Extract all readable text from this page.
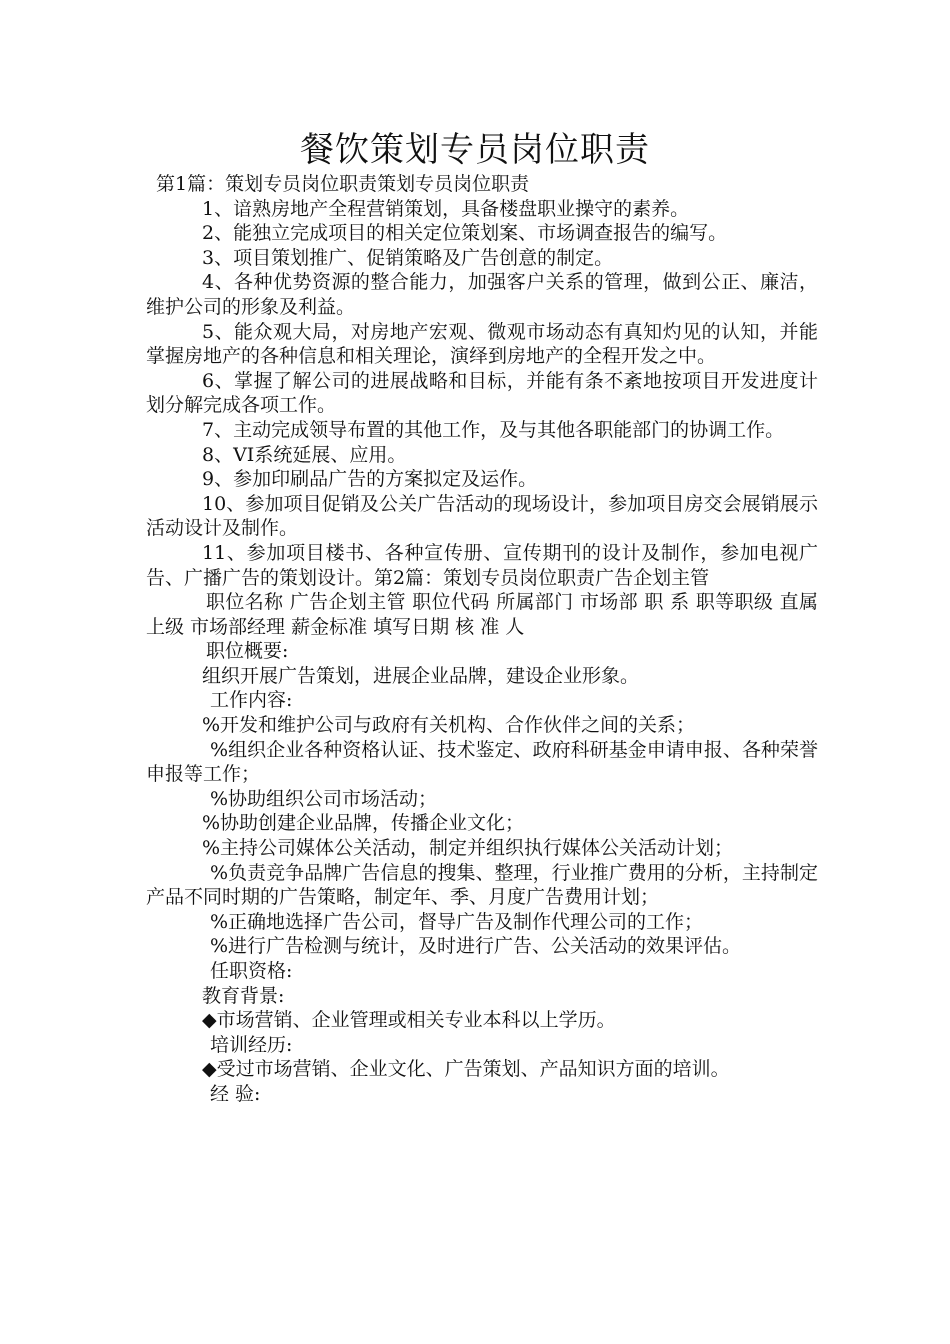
餐饮策划专员岗位职责

第1篇：策划专员岗位职责策划专员岗位职责

1、谙熟房地产全程营销策划，具备楼盘职业操守的素养。

2、能独立完成项目的相关定位策划案、市场调查报告的编写。

3、项目策划推广、促销策略及广告创意的制定。

4、各种优势资源的整合能力，加强客户关系的管理，做到公正、廉洁，维护公司的形象及利益。

5、能众观大局，对房地产宏观、微观市场动态有真知灼见的认知，并能掌握房地产的各种信息和相关理论，演绎到房地产的全程开发之中。

6、掌握了解公司的进展战略和目标，并能有条不紊地按项目开发进度计划分解完成各项工作。

7、主动完成领导布置的其他工作，及与其他各职能部门的协调工作。

8、VI系统延展、应用。

9、参加印刷品广告的方案拟定及运作。

10、参加项目促销及公关广告活动的现场设计，参加项目房交会展销展示活动设计及制作。

11、参加项目楼书、各种宣传册、宣传期刊的设计及制作，参加电视广告、广播广告的策划设计。第2篇：策划专员岗位职责广告企划主管

职位名称 广告企划主管 职位代码 所属部门 市场部 职 系 职等职级 直属上级 市场部经理 薪金标准 填写日期 核 准 人

职位概要:

组织开展广告策划，进展企业品牌，建设企业形象。

工作内容:

%开发和维护公司与政府有关机构、合作伙伴之间的关系；

%组织企业各种资格认证、技术鉴定、政府科研基金申请申报、各种荣誉申报等工作；

%协助组织公司市场活动；

%协助创建企业品牌，传播企业文化；

%主持公司媒体公关活动，制定并组织执行媒体公关活动计划；

%负责竞争品牌广告信息的搜集、整理，行业推广费用的分析，主持制定产品不同时期的广告策略，制定年、季、月度广告费用计划；

%正确地选择广告公司，督导广告及制作代理公司的工作；

%进行广告检测与统计，及时进行广告、公关活动的效果评估。

任职资格:

教育背景:

◆市场营销、企业管理或相关专业本科以上学历。

培训经历:

◆受过市场营销、企业文化、广告策划、产品知识方面的培训。

经 验:
